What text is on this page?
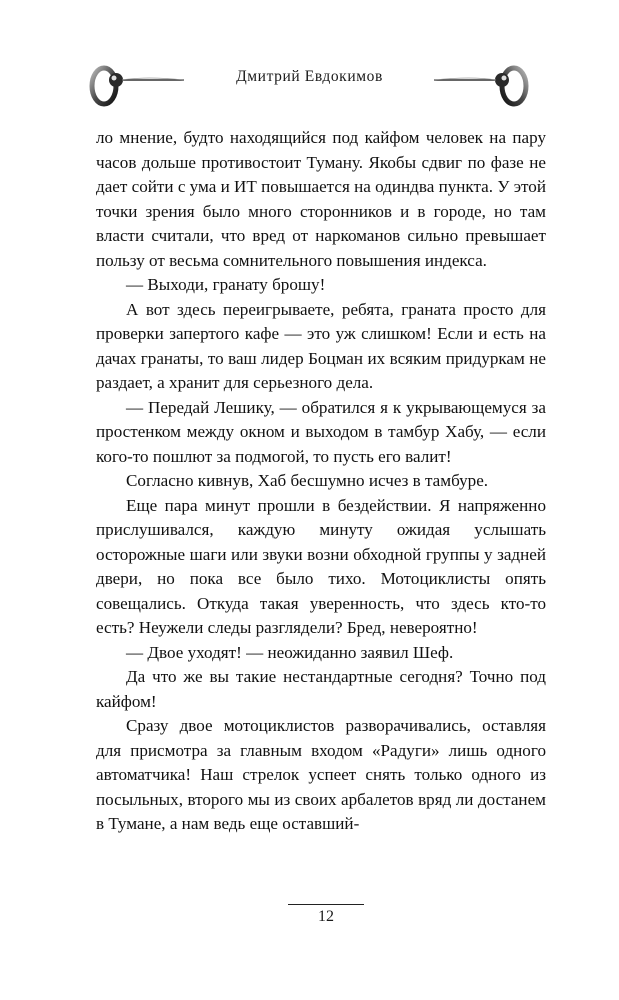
Дмитрий Евдокимов

ло мнение, будто находящийся под кайфом человек на пару часов дольше противостоит Туману. Якобы сдвиг по фазе не дает сойти с ума и ИТ повышается на одиндва пункта. У этой точки зрения было много сторонников и в городе, но там власти считали, что вред от наркоманов сильно превышает пользу от весьма сомнительного повышения индекса.

— Выходи, гранату брошу!

А вот здесь переигрываете, ребята, граната просто для проверки запертого кафе — это уж слишком! Если и есть на дачах гранаты, то ваш лидер Боцман их всяким придуркам не раздает, а хранит для серьезного дела.

— Передай Лешику, — обратился я к укрывающемуся за простенком между окном и выходом в тамбур Хабу, — если кого-то пошлют за подмогой, то пусть его валит!

Согласно кивнув, Хаб бесшумно исчез в тамбуре.

Еще пара минут прошли в бездействии. Я напряженно прислушивался, каждую минуту ожидая услышать осторожные шаги или звуки возни обходной группы у задней двери, но пока все было тихо. Мотоциклисты опять совещались. Откуда такая уверенность, что здесь кто-то есть? Неужели следы разглядели? Бред, невероятно!

— Двое уходят! — неожиданно заявил Шеф.

Да что же вы такие нестандартные сегодня? Точно под кайфом!

Сразу двое мотоциклистов разворачивались, оставляя для присмотра за главным входом «Радуги» лишь одного автоматчика! Наш стрелок успеет снять только одного из посыльных, второго мы из своих арбалетов вряд ли достанем в Тумане, а нам ведь еще оставший-

12
